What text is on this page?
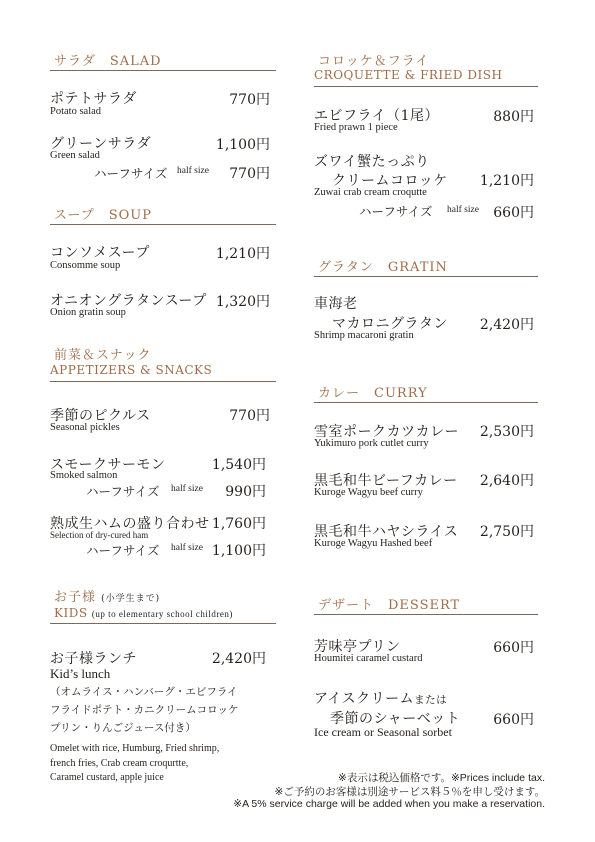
サラダ　SALAD
ポテトサラダ
Potato salad
770円
グリーンサラダ
Green salad
1,100円
ハーフサイズ half size 770円
スープ　SOUP
コンソメスープ
Consomme soup
1,210円
オニオングラタンスープ
Onion gratin soup
1,320円
前菜＆スナック
APPETIZERS & SNACKS
季節のピクルス
Seasonal pickles
770円
スモークサーモン
Smoked salmon
1,540円
ハーフサイズ half size 990円
熟成生ハムの盛り合わせ
Selection of dry-cured ham
1,760円
ハーフサイズ half size 1,100円
お子様 (小学生まで)
KIDS (up to elementary school children)
お子様ランチ	2,420円
Kid’s lunch
（オムライス・ハンバーグ・エビフライ
フライドポテト・カニクリームコロッケ
プリン・りんごジュース付き）
Omelet with rice, Humburg, Fried shrimp,
french fries, Crab cream croqurtte,
Caramel custard, apple juice
コロッケ＆フライ
CROQUETTE & FRIED DISH
エビフライ（1尾）
Fried prawn 1 piece
880円
ズワイ蟹たっぷり
クリームコロッケ 1,210円
Zuwai crab cream croqutte
ハーフサイズ half size 660円
グラタン　GRATIN
車海老
マカロニグラタン 2,420円
Shrimp macaroni gratin
カレー　CURRY
雪室ポークカツカレー
Yukimuro pork cutlet curry
2,530円
黒毛和牛ビーフカレー
Kuroge Wagyu beef curry
2,640円
黒毛和牛ハヤシライス
Kuroge Wagyu Hashed beef
2,750円
デザート　DESSERT
芳味亭プリン
Houmitei caramel custard
660円
アイスクリームまたは
季節のシャーベット 660円
Ice cream or Seasonal sorbet
※表示は税込価格です。※Prices include tax.
※ご予約のお客様は別途サービス料５％を申し受けます。
※A 5% service charge will be added when you make a reservation.
